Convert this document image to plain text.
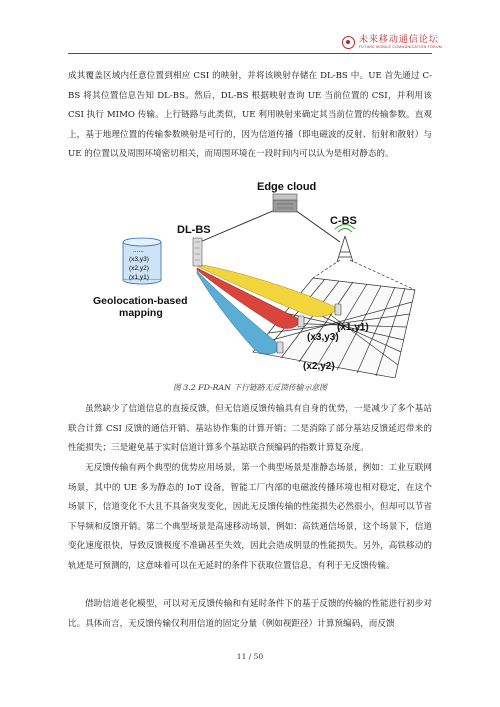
未来移动通信论坛
FUTURE MOBILE COMMUNICATION FORUM

成其覆盖区域内任意位置到相应 CSI 的映射，并将该映射存储在 DL-BS 中。UE 首先通过 C-BS 将其位置信息告知 DL-BS。然后，DL-BS 根据映射查询 UE 当前位置的 CSI，并利用该 CSI 执行 MIMO 传输。上行链路与此类似，UE 利用映射来确定其当前位置的传输参数。直观上，基于地理位置的传输参数映射是可行的，因为信道传播（即电磁波的反射、衍射和散射）与 UE 的位置以及周围环境密切相关，而周围环境在一段时间内可以认为是相对静态的。

Edge cloud
DL-BS
C-BS
......
(x3,y3)
(x2,y2)
(x1,y1)
Geolocation-based
mapping
(x1,y1)
(x3,y3)
(x2,y2)
图 3.2 FD-RAN 下行链路无反馈传输示意图

虽然缺少了信道信息的直接反馈，但无信道反馈传输具有自身的优势，一是减少了多个基站联合计算 CSI 反馈的通信开销、基站协作集的计算开销；二是消除了部分基站反馈延迟带来的性能损失；三是避免基于实时信道计算多个基站联合预编码的指数计算复杂度。

无反馈传输有两个典型的优势应用场景，第一个典型场景是准静态场景，例如：工业互联网场景，其中的 UE 多为静态的 IoT 设备，智能工厂内部的电磁波传播环境也相对稳定，在这个场景下，信道变化不大且不具备突发变化，因此无反馈传输的性能损失必然很小，但却可以节省下导频和反馈开销。第二个典型场景是高速移动场景，例如：高铁通信场景，这个场景下，信道变化速度很快，导致反馈极度不准确甚至失效，因此会造成明显的性能损失。另外，高铁移动的轨迹是可预测的，这意味着可以在无延时的条件下获取位置信息，有利于无反馈传输。

借助信道老化模型，可以对无反馈传输和有延时条件下的基于反馈的传输的性能进行初步对比。具体而言，无反馈传输仅利用信道的固定分量（例如视距径）计算预编码，而反馈

11 / 50
